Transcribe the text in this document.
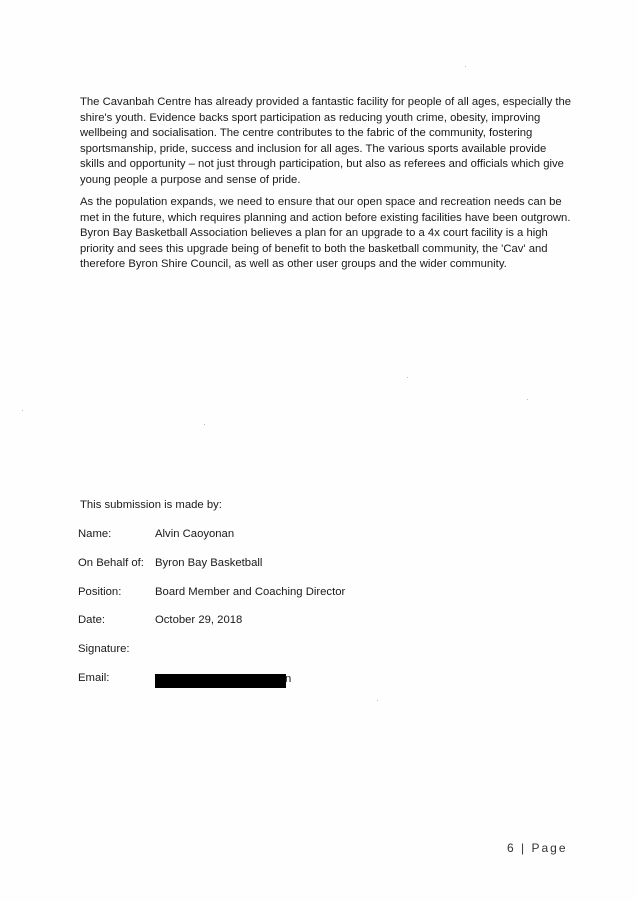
The Cavanbah Centre has already provided a fantastic facility for people of all ages, especially the shire's youth. Evidence backs sport participation as reducing youth crime, obesity, improving wellbeing and socialisation. The centre contributes to the fabric of the community, fostering sportsmanship, pride, success and inclusion for all ages. The various sports available provide skills and opportunity – not just through participation, but also as referees and officials which give young people a purpose and sense of pride.

As the population expands, we need to ensure that our open space and recreation needs can be met in the future, which requires planning and action before existing facilities have been outgrown. Byron Bay Basketball Association believes a plan for an upgrade to a 4x court facility is a high priority and sees this upgrade being of benefit to both the basketball community, the 'Cav' and therefore Byron Shire Council, as well as other user groups and the wider community.

This submission is made by:

Name:	Alvin Caoyonan
On Behalf of: Byron Bay Basketball
Position:	Board Member and Coaching Director
Date:	October 29, 2018
Signature:
Email:	n
6 | Page
